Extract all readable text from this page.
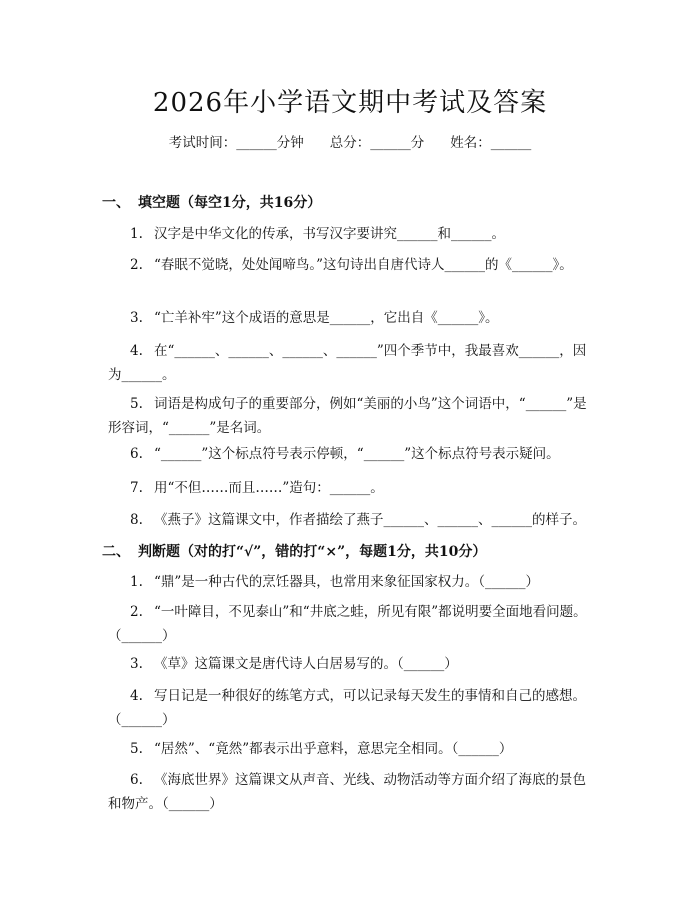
2026年小学语文期中考试及答案
考试时间：______分钟 总分：______分 姓名：______
一、 填空题（每空1分，共16分）
1. 汉字是中华文化的传承，书写汉字要讲究______和______。
2. “春眠不觉晓，处处闻啼鸟。”这句诗出自唐代诗人______的《______》。
3. “亡羊补牢”这个成语的意思是______，它出自《______》。
4. 在“______、______、______、______”四个季节中，我最喜欢______，因为______。
5. 词语是构成句子的重要部分，例如“美丽的小鸟”这个词语中，“______”是形容词，“______”是名词。
6. “______”这个标点符号表示停顿，“______”这个标点符号表示疑问。
7. 用“不但……而且……”造句：______。
8. 《燕子》这篇课文中，作者描绘了燕子______、______、______的样子。
二、 判断题（对的打“√”，错的打“×”，每题1分，共10分）
1. “鼎”是一种古代的烹饪器具，也常用来象征国家权力。（______）
2. “一叶障目，不见泰山”和“井底之蛙，所见有限”都说明要全面地看问题。（______）
3. 《草》这篇课文是唐代诗人白居易写的。（______）
4. 写日记是一种很好的练笔方式，可以记录每天发生的事情和自己的感想。（______）
5. “居然”、“竟然”都表示出乎意料，意思完全相同。（______）
6. 《海底世界》这篇课文从声音、光线、动物活动等方面介绍了海底的景色和物产。（______）
